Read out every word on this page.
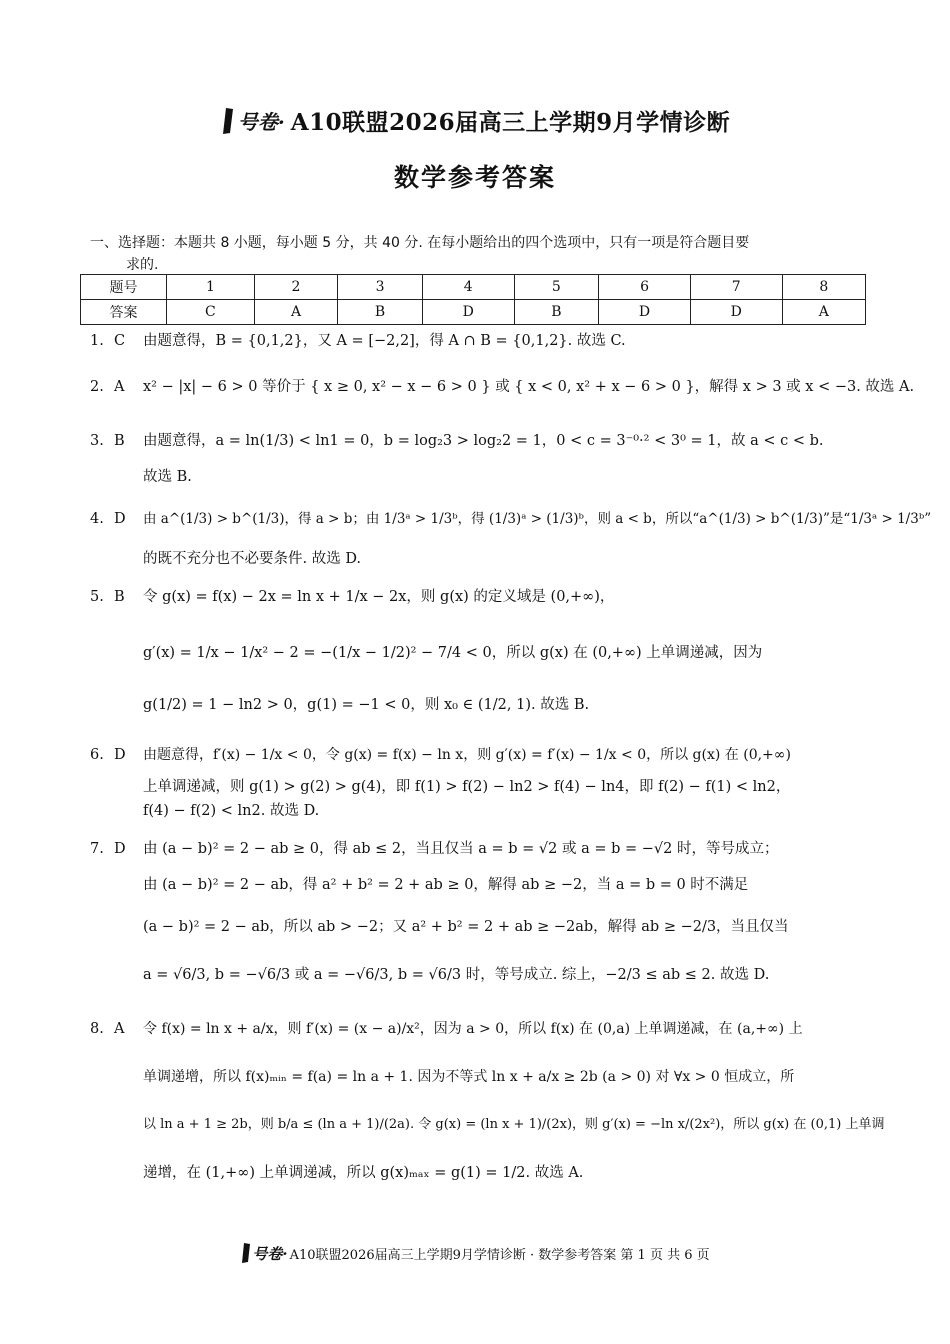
号卷· A10联盟2026届高三上学期9月学情诊断
数学参考答案
一、选择题：本题共 8 小题，每小题 5 分，共 40 分. 在每小题给出的四个选项中，只有一项是符合题目要
求的.
题号	1	2	3	4	5	6	7	8
答案	C	A	B	D	B	D	D	A
1. C 由题意得，B = {0,1,2}，又 A = [−2,2]，得 A ∩ B = {0,1,2}. 故选 C.
2. A x² − |x| − 6 > 0 等价于 { x ≥ 0, x² − x − 6 > 0 } 或 { x < 0, x² + x − 6 > 0 }，解得 x > 3 或 x < −3. 故选 A.
3. B 由题意得，a = ln(1/3) < ln1 = 0，b = log₂3 > log₂2 = 1，0 < c = 3⁻⁰·² < 3⁰ = 1，故 a < c < b.
故选 B.
4. D 由 a^(1/3) > b^(1/3)，得 a > b；由 1/3ᵃ > 1/3ᵇ，得 (1/3)ᵃ > (1/3)ᵇ，则 a < b，所以“a^(1/3) > b^(1/3)”是“1/3ᵃ > 1/3ᵇ”
的既不充分也不必要条件. 故选 D.
5. B 令 g(x) = f(x) − 2x = ln x + 1/x − 2x，则 g(x) 的定义域是 (0,+∞)，
g′(x) = 1/x − 1/x² − 2 = −(1/x − 1/2)² − 7/4 < 0，所以 g(x) 在 (0,+∞) 上单调递减，因为
g(1/2) = 1 − ln2 > 0，g(1) = −1 < 0，则 x₀ ∈ (1/2, 1). 故选 B.
6. D 由题意得，f′(x) − 1/x < 0，令 g(x) = f(x) − ln x，则 g′(x) = f′(x) − 1/x < 0，所以 g(x) 在 (0,+∞)
上单调递减，则 g(1) > g(2) > g(4)，即 f(1) > f(2) − ln2 > f(4) − ln4，即 f(2) − f(1) < ln2，
f(4) − f(2) < ln2. 故选 D.
7. D 由 (a − b)² = 2 − ab ≥ 0，得 ab ≤ 2，当且仅当 a = b = √2 或 a = b = −√2 时，等号成立；
由 (a − b)² = 2 − ab，得 a² + b² = 2 + ab ≥ 0，解得 ab ≥ −2，当 a = b = 0 时不满足
(a − b)² = 2 − ab，所以 ab > −2；又 a² + b² = 2 + ab ≥ −2ab，解得 ab ≥ −2/3，当且仅当
a = √6/3, b = −√6/3 或 a = −√6/3, b = √6/3 时，等号成立. 综上，−2/3 ≤ ab ≤ 2. 故选 D.
8. A 令 f(x) = ln x + a/x，则 f′(x) = (x − a)/x²，因为 a > 0，所以 f(x) 在 (0,a) 上单调递减，在 (a,+∞) 上
单调递增，所以 f(x)ₘᵢₙ = f(a) = ln a + 1. 因为不等式 ln x + a/x ≥ 2b (a > 0) 对 ∀x > 0 恒成立，所
以 ln a + 1 ≥ 2b，则 b/a ≤ (ln a + 1)/(2a). 令 g(x) = (ln x + 1)/(2x)，则 g′(x) = −ln x/(2x²)，所以 g(x) 在 (0,1) 上单调
递增，在 (1,+∞) 上单调递减，所以 g(x)ₘₐₓ = g(1) = 1/2. 故选 A.
号卷· A10联盟2026届高三上学期9月学情诊断 · 数学参考答案 第 1 页 共 6 页
